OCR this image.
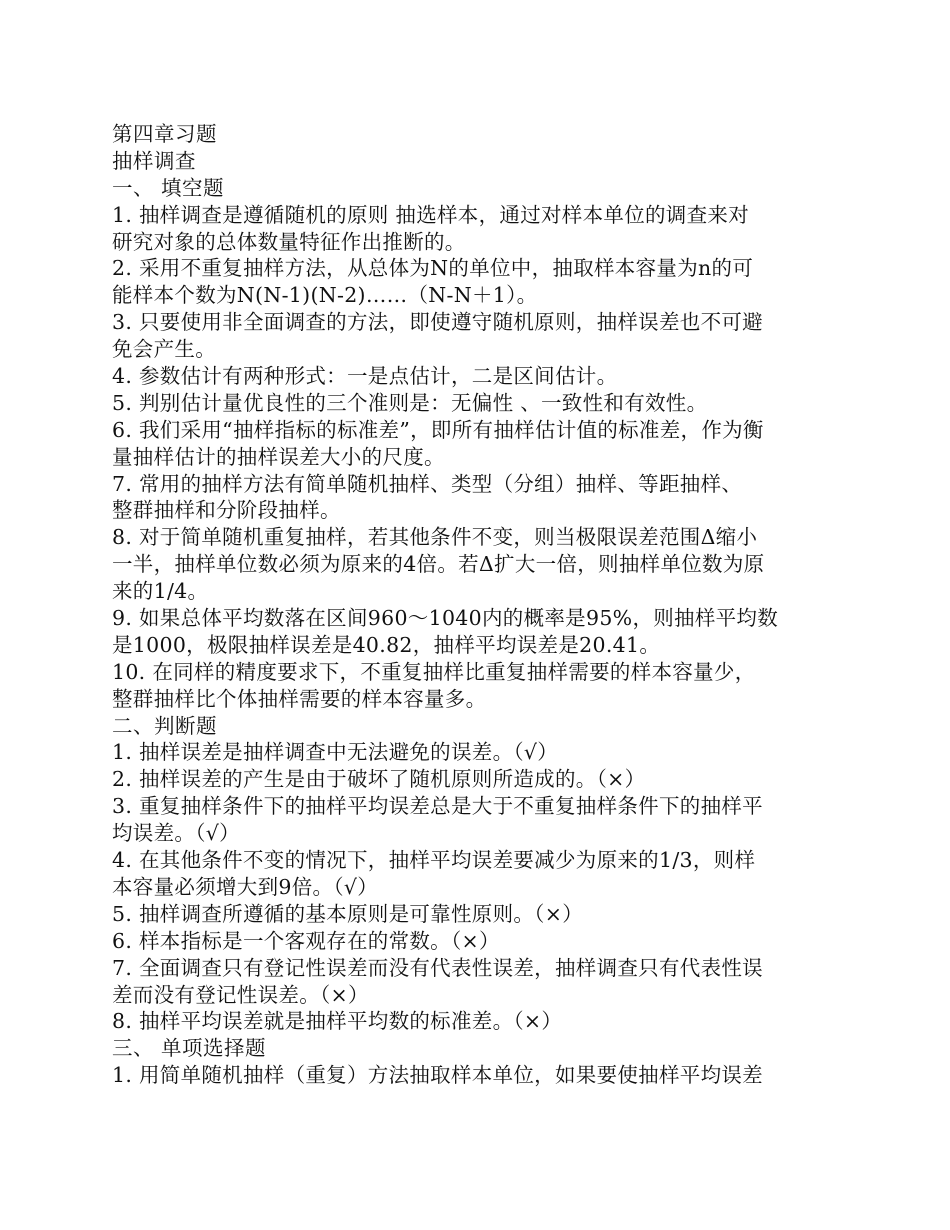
第四章习题
抽样调查
一、 填空题
1. 抽样调查是遵循随机的原则 抽选样本，通过对样本单位的调查来对
研究对象的总体数量特征作出推断的。
2. 采用不重复抽样方法，从总体为N的单位中，抽取样本容量为n的可
能样本个数为N(N-1)(N-2)……（N-N＋1）。
3. 只要使用非全面调查的方法，即使遵守随机原则，抽样误差也不可避
免会产生。
4. 参数估计有两种形式：一是点估计，二是区间估计。
5. 判别估计量优良性的三个准则是：无偏性 、一致性和有效性。
6. 我们采用“抽样指标的标准差”，即所有抽样估计值的标准差，作为衡
量抽样估计的抽样误差大小的尺度。
7. 常用的抽样方法有简单随机抽样、类型（分组）抽样、等距抽样、
整群抽样和分阶段抽样。
8. 对于简单随机重复抽样，若其他条件不变，则当极限误差范围Δ缩小
一半，抽样单位数必须为原来的4倍。若Δ扩大一倍，则抽样单位数为原
来的1/4。
9. 如果总体平均数落在区间960～1040内的概率是95%，则抽样平均数
是1000，极限抽样误差是40.82，抽样平均误差是20.41。
10. 在同样的精度要求下，不重复抽样比重复抽样需要的样本容量少，
整群抽样比个体抽样需要的样本容量多。
二、判断题
1. 抽样误差是抽样调查中无法避免的误差。（√）
2. 抽样误差的产生是由于破坏了随机原则所造成的。（×）
3. 重复抽样条件下的抽样平均误差总是大于不重复抽样条件下的抽样平
均误差。（√）
4. 在其他条件不变的情况下，抽样平均误差要减少为原来的1/3，则样
本容量必须增大到9倍。（√）
5. 抽样调查所遵循的基本原则是可靠性原则。（×）
6. 样本指标是一个客观存在的常数。（×）
7. 全面调查只有登记性误差而没有代表性误差，抽样调查只有代表性误
差而没有登记性误差。（×）
8. 抽样平均误差就是抽样平均数的标准差。（×）
三、 单项选择题
1. 用简单随机抽样（重复）方法抽取样本单位，如果要使抽样平均误差
